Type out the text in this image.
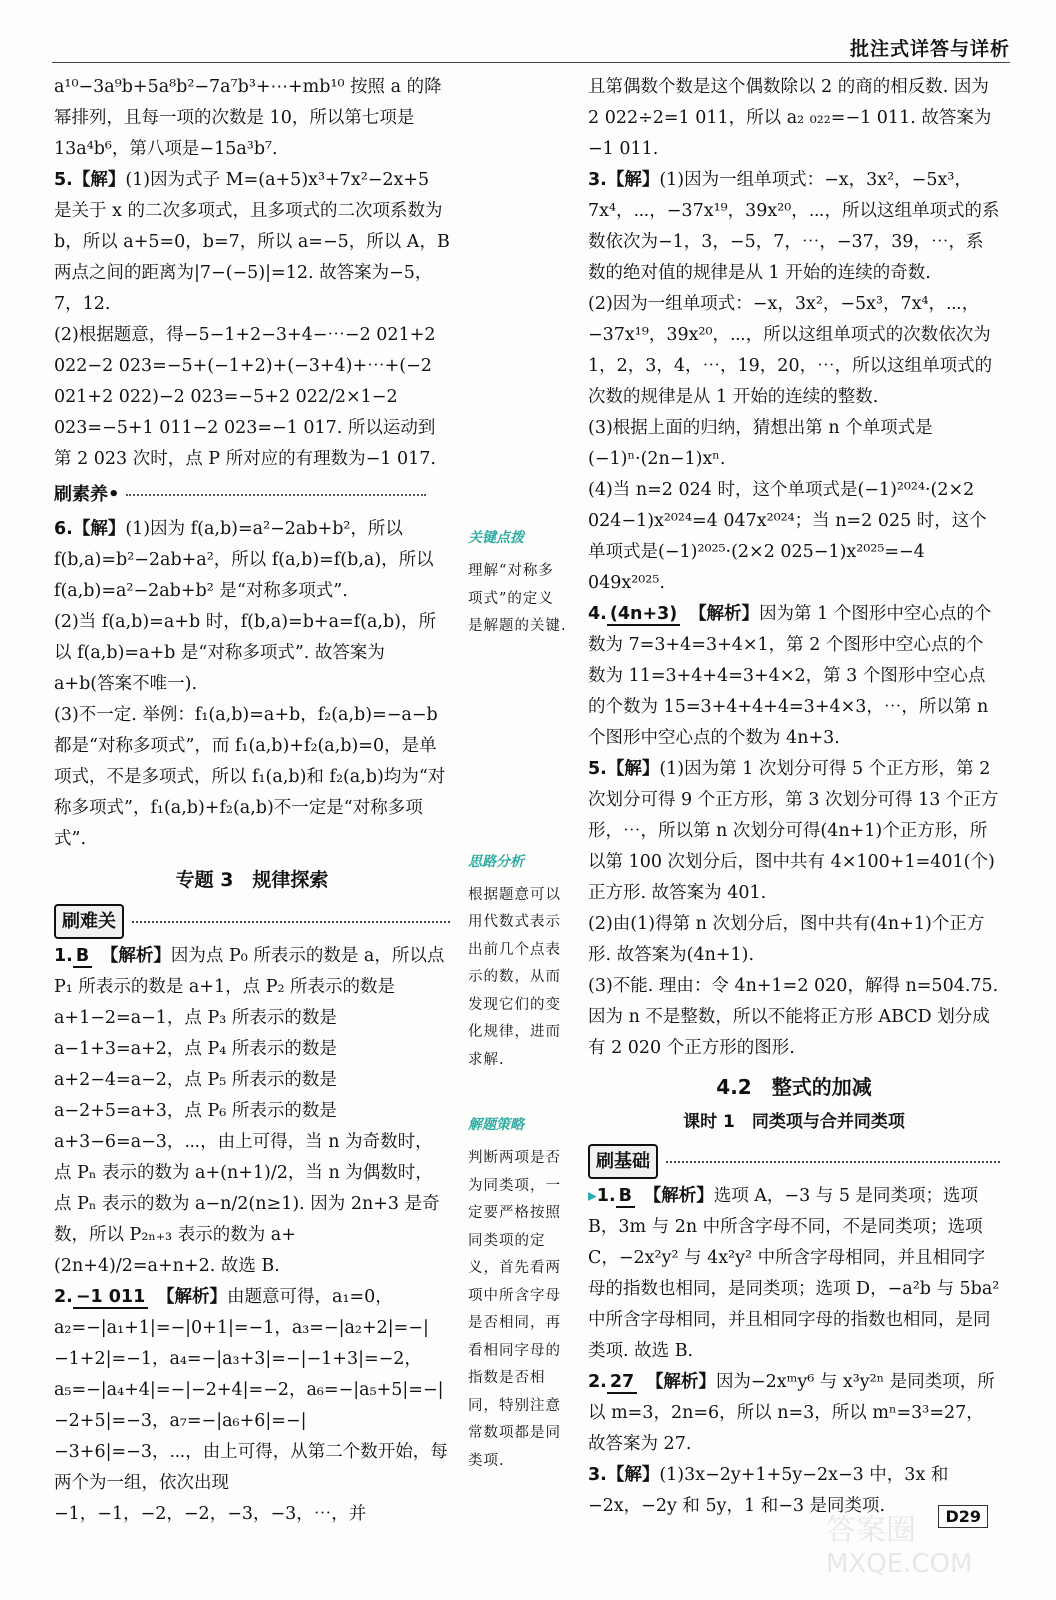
批注式详答与详析

a¹⁰−3a⁹b+5a⁸b²−7a⁷b³+⋯+mb¹⁰ 按照 a 的降幂排列，且每一项的次数是 10，所以第七项是 13a⁴b⁶，第八项是−15a³b⁷.

5.【解】(1)因为式子 M=(a+5)x³+7x²−2x+5 是关于 x 的二次多项式，且多项式的二次项系数为 b，所以 a+5=0，b=7，所以 a=−5，所以 A，B 两点之间的距离为|7−(−5)|=12. 故答案为−5，7，12.

(2)根据题意，得−5−1+2−3+4−⋯−2 021+2 022−2 023=−5+(−1+2)+(−3+4)+⋯+(−2 021+2 022)−2 023=−5+2 022/2×1−2 023=−5+1 011−2 023=−1 017. 所以运动到第 2 023 次时，点 P 所对应的有理数为−1 017.

刷素养•

6.【解】(1)因为 f(a,b)=a²−2ab+b²，所以 f(b,a)=b²−2ab+a²，所以 f(a,b)=f(b,a)，所以 f(a,b)=a²−2ab+b² 是“对称多项式”.

(2)当 f(a,b)=a+b 时，f(b,a)=b+a=f(a,b)，所以 f(a,b)=a+b 是“对称多项式”. 故答案为 a+b(答案不唯一).

(3)不一定. 举例：f₁(a,b)=a+b，f₂(a,b)=−a−b 都是“对称多项式”，而 f₁(a,b)+f₂(a,b)=0，是单项式，不是多项式，所以 f₁(a,b)和 f₂(a,b)均为“对称多项式”，f₁(a,b)+f₂(a,b)不一定是“对称多项式”.

专题 3　规律探索
刷难关

1. B　 【解析】因为点 P₀ 所表示的数是 a，所以点 P₁ 所表示的数是 a+1，点 P₂ 所表示的数是 a+1−2=a−1，点 P₃ 所表示的数是 a−1+3=a+2，点 P₄ 所表示的数是 a+2−4=a−2，点 P₅ 所表示的数是 a−2+5=a+3，点 P₆ 所表示的数是 a+3−6=a−3，⋯，由上可得，当 n 为奇数时，点 Pₙ 表示的数为 a+(n+1)/2，当 n 为偶数时，点 Pₙ 表示的数为 a−n/2(n≥1). 因为 2n+3 是奇数，所以 P₂ₙ₊₃ 表示的数为 a+(2n+4)/2=a+n+2. 故选 B.

2. −1 011　 【解析】由题意可得，a₁=0，a₂=−|a₁+1|=−|0+1|=−1，a₃=−|a₂+2|=−|−1+2|=−1，a₄=−|a₃+3|=−|−1+3|=−2，a₅=−|a₄+4|=−|−2+4|=−2，a₆=−|a₅+5|=−|−2+5|=−3，a₇=−|a₆+6|=−|−3+6|=−3，⋯，由上可得，从第二个数开始，每两个为一组，依次出现−1，−1，−2，−2，−3，−3，⋯，并

关键点拨
理解“对称多项式”的定义是解题的关键.
思路分析
根据题意可以用代数式表示出前几个点表示的数，从而发现它们的变化规律，进而求解.
解题策略
判断两项是否为同类项，一定要严格按照同类项的定义，首先看两项中所含字母是否相同，再看相同字母的指数是否相同，特别注意常数项都是同类项.

且第偶数个数是这个偶数除以 2 的商的相反数. 因为 2 022÷2=1 011，所以 a₂ ₀₂₂=−1 011. 故答案为−1 011.

3.【解】(1)因为一组单项式：−x，3x²，−5x³，7x⁴，⋯，−37x¹⁹，39x²⁰，⋯，所以这组单项式的系数依次为−1，3，−5，7，⋯，−37，39，⋯，系数的绝对值的规律是从 1 开始的连续的奇数.

(2)因为一组单项式：−x，3x²，−5x³，7x⁴，⋯，−37x¹⁹，39x²⁰，⋯，所以这组单项式的次数依次为 1，2，3，4，⋯，19，20，⋯，所以这组单项式的次数的规律是从 1 开始的连续的整数.

(3)根据上面的归纳，猜想出第 n 个单项式是(−1)ⁿ·(2n−1)xⁿ.

(4)当 n=2 024 时，这个单项式是(−1)²⁰²⁴·(2×2 024−1)x²⁰²⁴=4 047x²⁰²⁴；当 n=2 025 时，这个单项式是(−1)²⁰²⁵·(2×2 025−1)x²⁰²⁵=−4 049x²⁰²⁵.

4. (4n+3)　 【解析】因为第 1 个图形中空心点的个数为 7=3+4=3+4×1，第 2 个图形中空心点的个数为 11=3+4+4=3+4×2，第 3 个图形中空心点的个数为 15=3+4+4+4=3+4×3，⋯，所以第 n 个图形中空心点的个数为 4n+3.

5.【解】(1)因为第 1 次划分可得 5 个正方形，第 2 次划分可得 9 个正方形，第 3 次划分可得 13 个正方形，⋯，所以第 n 次划分可得(4n+1)个正方形，所以第 100 次划分后，图中共有 4×100+1=401(个)正方形. 故答案为 401.

(2)由(1)得第 n 次划分后，图中共有(4n+1)个正方形. 故答案为(4n+1).

(3)不能. 理由：令 4n+1=2 020，解得 n=504.75. 因为 n 不是整数，所以不能将正方形 ABCD 划分成有 2 020 个正方形的图形.

4.2　整式的加减
课时 1　同类项与合并同类项
刷基础

▸1. B　 【解析】选项 A，−3 与 5 是同类项；选项 B，3m 与 2n 中所含字母不同，不是同类项；选项 C，−2x²y² 与 4x²y² 中所含字母相同，并且相同字母的指数也相同，是同类项；选项 D，−a²b 与 5ba² 中所含字母相同，并且相同字母的指数也相同，是同类项. 故选 B.

2. 27　 【解析】因为−2xᵐy⁶ 与 x³y²ⁿ 是同类项，所以 m=3，2n=6，所以 n=3，所以 mⁿ=3³=27，故答案为 27.

3.【解】(1)3x−2y+1+5y−2x−3 中，3x 和−2x，−2y 和 5y，1 和−3 是同类项.

D29
答案圈
MXQE.COM
